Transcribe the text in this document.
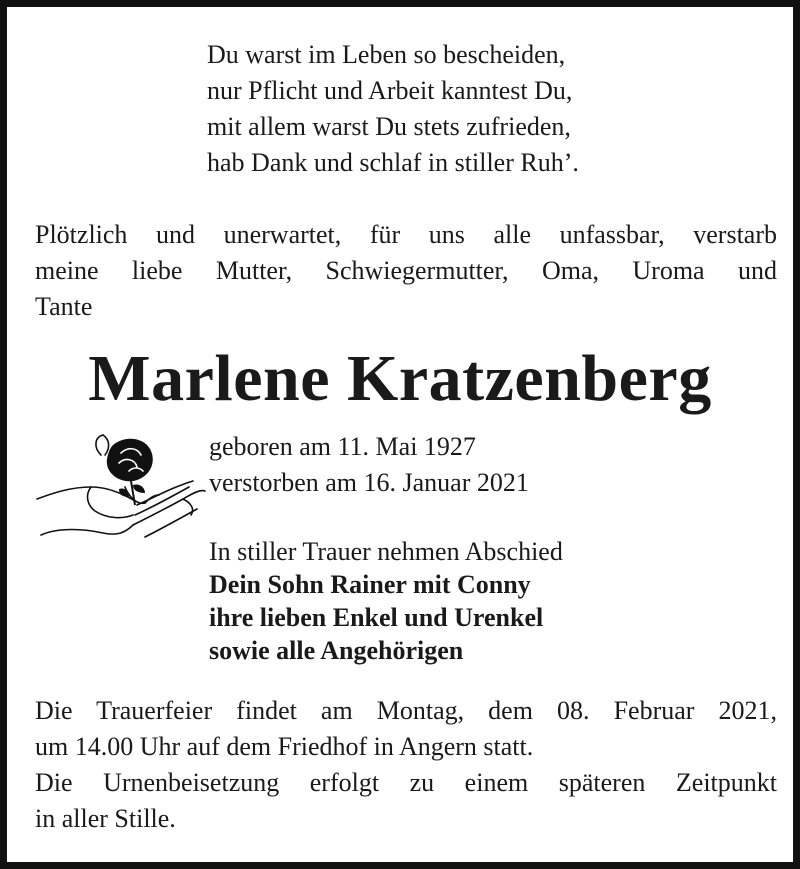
Du warst im Leben so bescheiden,
nur Pflicht und Arbeit kanntest Du,
mit allem warst Du stets zufrieden,
hab Dank und schlaf in stiller Ruh’.
Plötzlich und unerwartet, für uns alle unfassbar, verstarb
meine liebe Mutter, Schwiegermutter, Oma, Uroma und
Tante
Marlene Kratzenberg
geboren am 11. Mai 1927
verstorben am 16. Januar 2021
In stiller Trauer nehmen Abschied
Dein Sohn Rainer mit Conny
ihre lieben Enkel und Urenkel
sowie alle Angehörigen
Die Trauerfeier findet am Montag, dem 08. Februar 2021,
um 14.00 Uhr auf dem Friedhof in Angern statt.
Die Urnenbeisetzung erfolgt zu einem späteren Zeitpunkt
in aller Stille.
